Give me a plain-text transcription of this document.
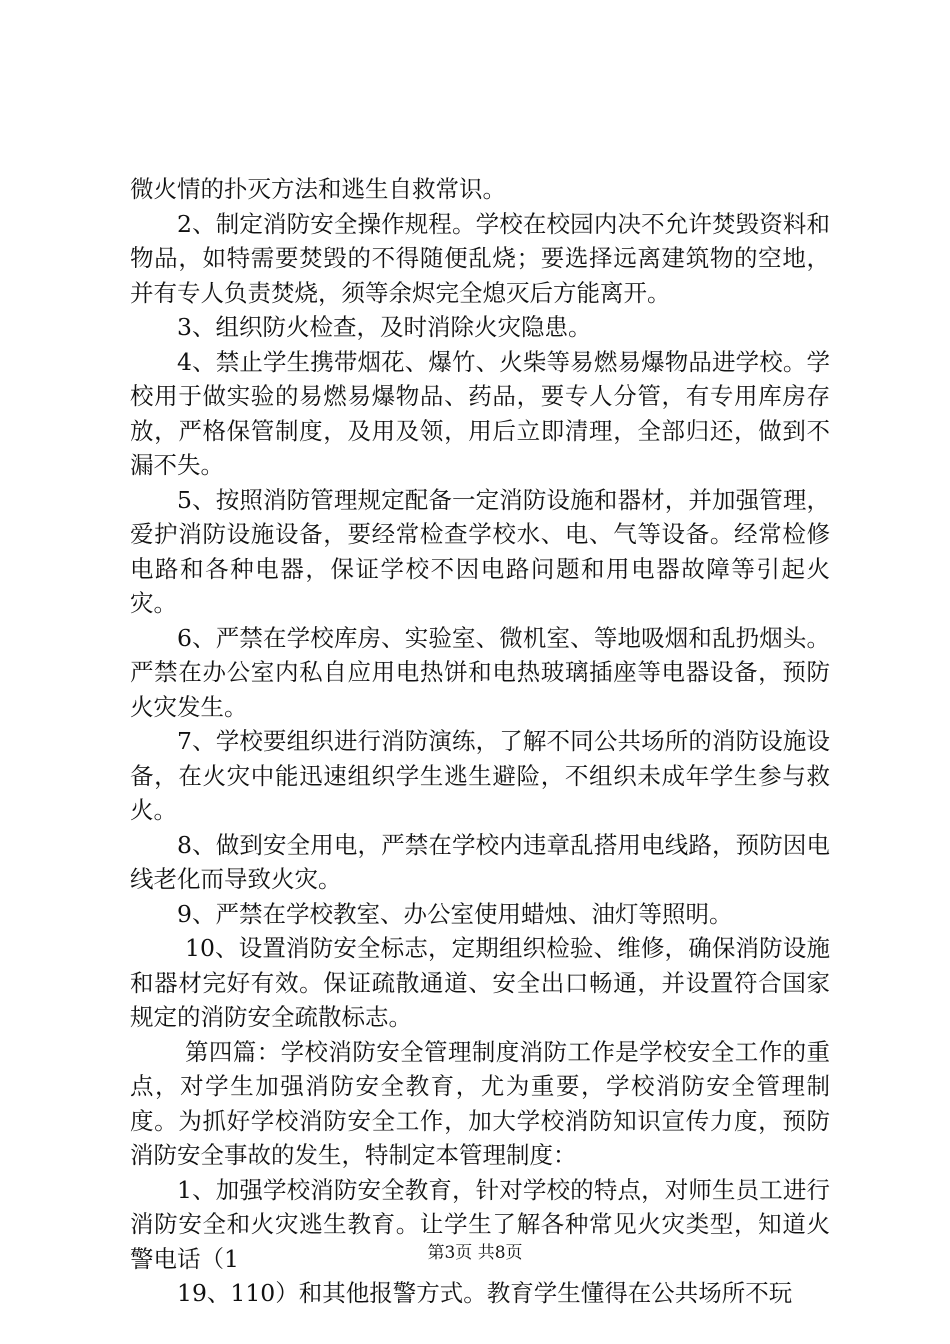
微火情的扑灭方法和逃生自救常识。

2、制定消防安全操作规程。学校在校园内决不允许焚毁资料和物品，如特需要焚毁的不得随便乱烧；要选择远离建筑物的空地，并有专人负责焚烧，须等余烬完全熄灭后方能离开。

3、组织防火检查，及时消除火灾隐患。

4、禁止学生携带烟花、爆竹、火柴等易燃易爆物品进学校。学校用于做实验的易燃易爆物品、药品，要专人分管，有专用库房存放，严格保管制度，及用及领，用后立即清理，全部归还，做到不漏不失。

5、按照消防管理规定配备一定消防设施和器材，并加强管理，爱护消防设施设备，要经常检查学校水、电、气等设备。经常检修电路和各种电器，保证学校不因电路问题和用电器故障等引起火灾。

6、严禁在学校库房、实验室、微机室、等地吸烟和乱扔烟头。严禁在办公室内私自应用电热饼和电热玻璃插座等电器设备，预防火灾发生。

7、学校要组织进行消防演练，了解不同公共场所的消防设施设备，在火灾中能迅速组织学生逃生避险，不组织未成年学生参与救火。

8、做到安全用电，严禁在学校内违章乱搭用电线路，预防因电线老化而导致火灾。

9、严禁在学校教室、办公室使用蜡烛、油灯等照明。

10、设置消防安全标志，定期组织检验、维修，确保消防设施和器材完好有效。保证疏散通道、安全出口畅通，并设置符合国家规定的消防安全疏散标志。

第四篇：学校消防安全管理制度消防工作是学校安全工作的重点，对学生加强消防安全教育，尤为重要，学校消防安全管理制度。为抓好学校消防安全工作，加大学校消防知识宣传力度，预防消防安全事故的发生，特制定本管理制度：

1、加强学校消防安全教育，针对学校的特点，对师生员工进行消防安全和火灾逃生教育。让学生了解各种常见火灾类型，知道火警电话（1

19、110）和其他报警方式。教育学生懂得在公共场所不玩

第3页 共8页
